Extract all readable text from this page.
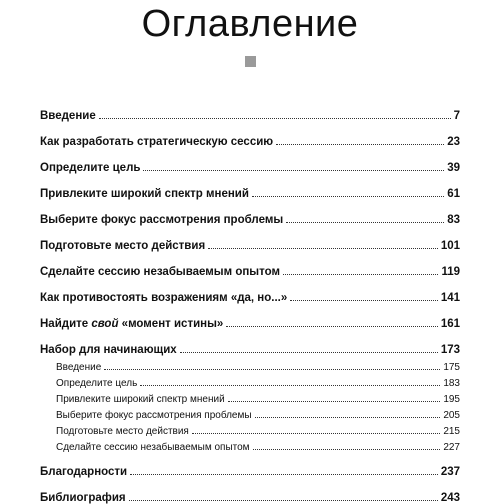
Оглавление
Введение	7
Как разработать стратегическую сессию	23
Определите цель	39
Привлеките широкий спектр мнений	61
Выберите фокус рассмотрения проблемы	83
Подготовьте место действия	101
Сделайте сессию незабываемым опытом	119
Как противостоять возражениям «да, но...»	141
Найдите свой «момент истины»	161
Набор для начинающих	173
Введение	175
Определите цель	183
Привлеките широкий спектр мнений	195
Выберите фокус рассмотрения проблемы	205
Подготовьте место действия	215
Сделайте сессию незабываемым опытом	227
Благодарности	237
Библиография	243
